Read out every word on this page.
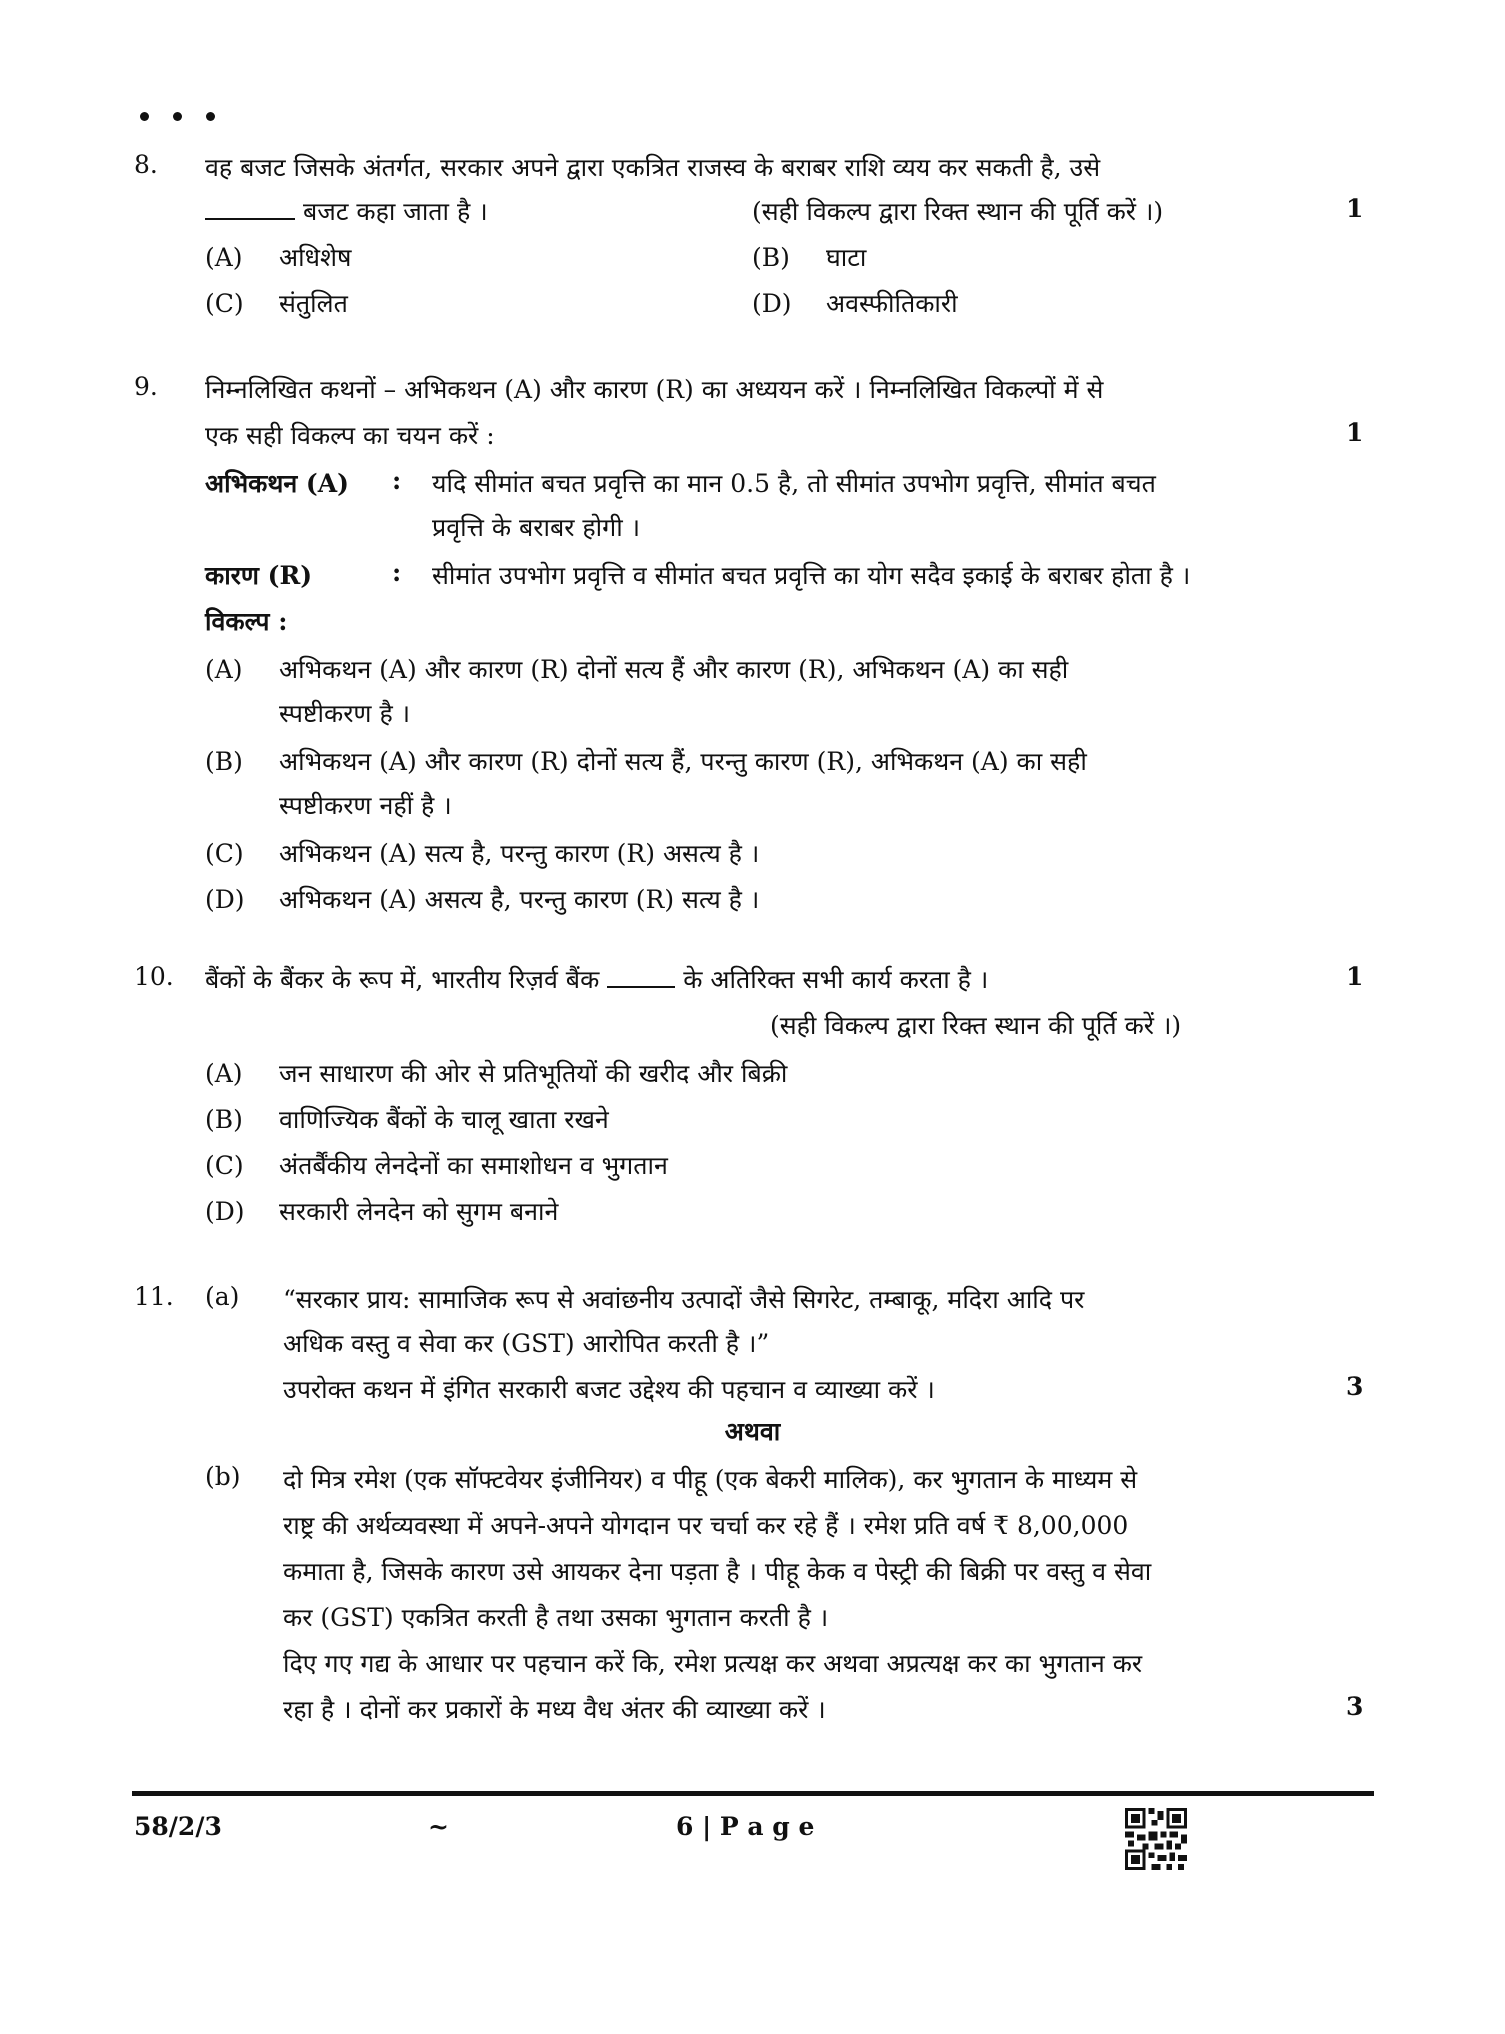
8. वह बजट जिसके अंतर्गत, सरकार अपने द्वारा एकत्रित राजस्व के बराबर राशि व्यय कर सकती है, उसे
बजट कहा जाता है ।	(सही विकल्प द्वारा रिक्त स्थान की पूर्ति करें ।)	1
(A) अधिशेष	(B) घाटा
(C) संतुलित	(D) अवस्फीतिकारी
9. निम्नलिखित कथनों – अभिकथन (A) और कारण (R) का अध्ययन करें । निम्नलिखित विकल्पों में से
एक सही विकल्प का चयन करें :	1
अभिकथन (A) : यदि सीमांत बचत प्रवृत्ति का मान 0.5 है, तो सीमांत उपभोग प्रवृत्ति, सीमांत बचत
प्रवृत्ति के बराबर होगी ।
कारण (R)	: सीमांत उपभोग प्रवृत्ति व सीमांत बचत प्रवृत्ति का योग सदैव इकाई के बराबर होता है ।
विकल्प :
(A) अभिकथन (A) और कारण (R) दोनों सत्य हैं और कारण (R), अभिकथन (A) का सही
स्पष्टीकरण है ।
(B) अभिकथन (A) और कारण (R) दोनों सत्य हैं, परन्तु कारण (R), अभिकथन (A) का सही
स्पष्टीकरण नहीं है ।
(C) अभिकथन (A) सत्य है, परन्तु कारण (R) असत्य है ।
(D) अभिकथन (A) असत्य है, परन्तु कारण (R) सत्य है ।
10. बैंकों के बैंकर के रूप में, भारतीय रिज़र्व बैंक	के अतिरिक्त सभी कार्य करता है ।	1
(सही विकल्प द्वारा रिक्त स्थान की पूर्ति करें ।)
(A) जन साधारण की ओर से प्रतिभूतियों की खरीद और बिक्री
(B) वाणिज्यिक बैंकों के चालू खाता रखने
(C) अंतर्बैंकीय लेनदेनों का समाशोधन व भुगतान
(D) सरकारी लेनदेन को सुगम बनाने
11. (a) “सरकार प्राय: सामाजिक रूप से अवांछनीय उत्पादों जैसे सिगरेट, तम्बाकू, मदिरा आदि पर
अधिक वस्तु व सेवा कर (GST) आरोपित करती है ।”
उपरोक्त कथन में इंगित सरकारी बजट उद्देश्य की पहचान व व्याख्या करें ।	3
अथवा
(b) दो मित्र रमेश (एक सॉफ्टवेयर इंजीनियर) व पीहू (एक बेकरी मालिक), कर भुगतान के माध्यम से
राष्ट्र की अर्थव्यवस्था में अपने-अपने योगदान पर चर्चा कर रहे हैं । रमेश प्रति वर्ष ₹ 8,00,000
कमाता है, जिसके कारण उसे आयकर देना पड़ता है । पीहू केक व पेस्ट्री की बिक्री पर वस्तु व सेवा
कर (GST) एकत्रित करती है तथा उसका भुगतान करती है ।
दिए गए गद्य के आधार पर पहचान करें कि, रमेश प्रत्यक्ष कर अथवा अप्रत्यक्ष कर का भुगतान कर
रहा है । दोनों कर प्रकारों के मध्य वैध अंतर की व्याख्या करें ।	3
58/2/3	~	6 | P a g e
